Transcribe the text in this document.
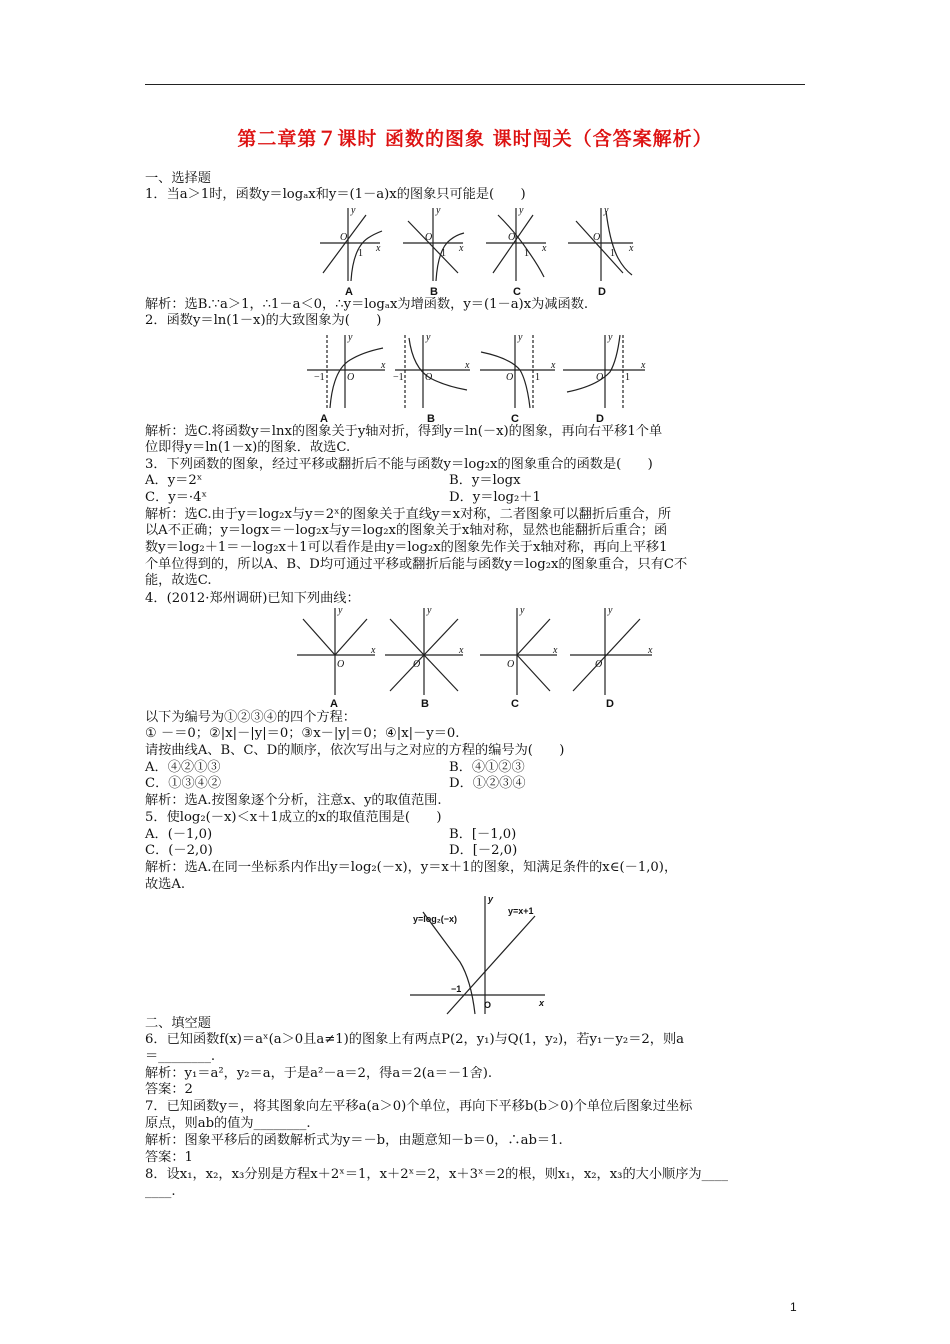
第二章第７课时 函数的图象 课时闯关（含答案解析）
一、选择题
1．当a＞1时，函数y＝logₐx和y＝(1－a)x的图象只可能是(　　)
O
y
x
1
O
y
x
1
O
y
x
1
O
y
x
1
A	B	C	D
解析：选B.∵a＞1，∴1－a＜0，∴y＝logₐx为增函数，y＝(1－a)x为减函数.
2．函数y＝ln(1－x)的大致图象为(　　)
O
y
x
−1	O
y
x
−1	O
y
x
1	O
y
x
1
A	B	C	D
解析：选C.将函数y＝lnx的图象关于y轴对折，得到y＝ln(－x)的图象，再向右平移1个单
位即得y＝ln(1－x)的图象．故选C.
3．下列函数的图象，经过平移或翻折后不能与函数y＝log₂x的图象重合的函数是(　　)
A．y＝2ˣ	B．y＝logx
C．y＝·4ˣ	D．y＝log₂＋1
解析：选C.由于y＝log₂x与y＝2ˣ的图象关于直线y＝x对称，二者图象可以翻折后重合，所
以A不正确；y＝logx＝－log₂x与y＝log₂x的图象关于x轴对称，显然也能翻折后重合；函
数y＝log₂＋1＝－log₂x＋1可以看作是由y＝log₂x的图象先作关于x轴对称，再向上平移1
个单位得到的，所以A、B、D均可通过平移或翻折后能与函数y＝log₂x的图象重合，只有C不
能，故选C.
4．(2012·郑州调研)已知下列曲线：
O
y
x
O
y
x
O
y
x
O
y
x
A	B	C	D
以下为编号为①②③④的四个方程：
① －＝0；②|x|－|y|＝0；③x－|y|＝0；④|x|－y＝0.
请按曲线A、B、C、D的顺序，依次写出与之对应的方程的编号为(　　)
A．④②①③	B．④①②③
C．①③④②	D．①②③④
解析：选A.按图象逐个分析，注意x、y的取值范围.
5．使log₂(－x)＜x＋1成立的x的取值范围是(　　)
A．(－1,0)	B．[－1,0)
C．(－2,0)	D．[－2,0)
解析：选A.在同一坐标系内作出y＝log₂(－x)，y＝x＋1的图象，知满足条件的x∈(－1,0)，
故选A.
y=log₂(−x)
y=x+1
y
x
O
−1
二、填空题
6．已知函数f(x)＝aˣ(a＞0且a≠1)的图象上有两点P(2，y₁)与Q(1，y₂)，若y₁－y₂＝2，则a
＝________.
解析：y₁＝a²，y₂＝a，于是a²－a＝2，得a＝2(a＝－1舍).
答案：2
7．已知函数y＝，将其图象向左平移a(a＞0)个单位，再向下平移b(b＞0)个单位后图象过坐标
原点，则ab的值为________.
解析：图象平移后的函数解析式为y＝－b，由题意知－b＝0，∴ab＝1.
答案：1
8．设x₁，x₂，x₃分别是方程x＋2ˣ＝1，x＋2ˣ＝2，x＋3ˣ＝2的根，则x₁，x₂，x₃的大小顺序为____
____.
1
